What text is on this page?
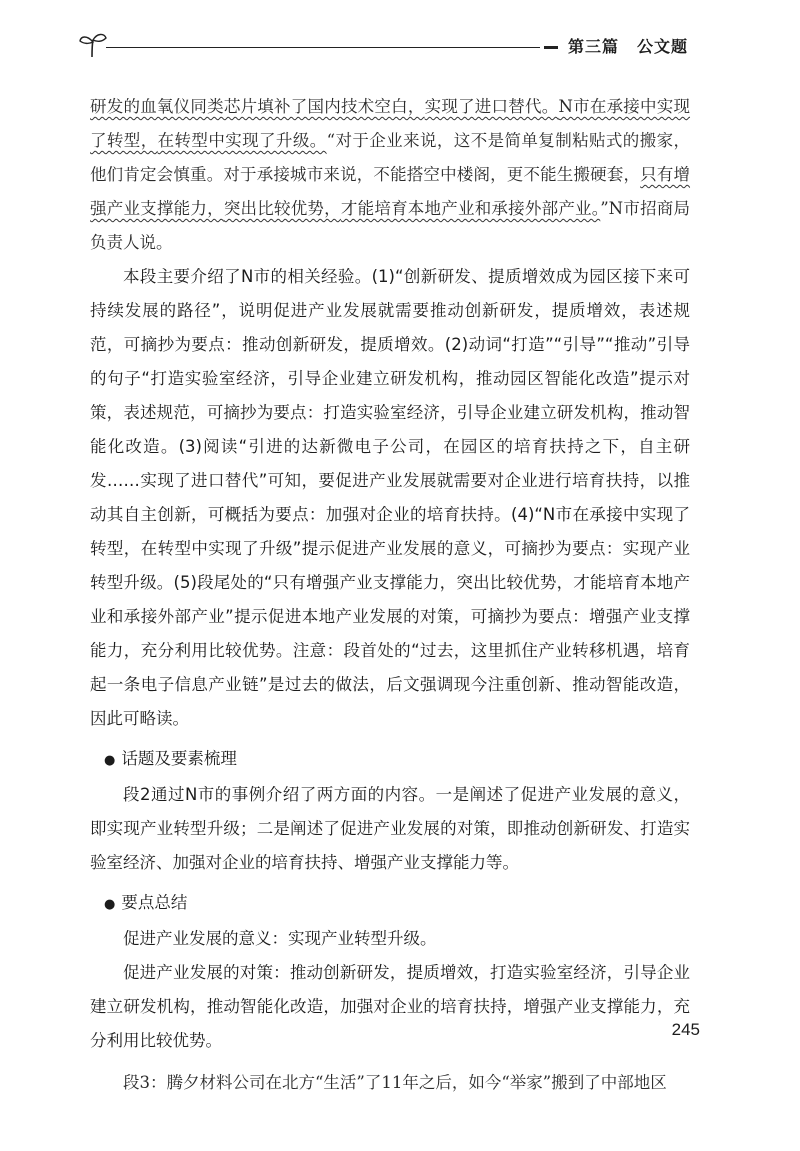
第三篇 公文题

研发的血氧仪同类芯片填补了国内技术空白，实现了进口替代。N市在承接中实现了转型，在转型中实现了升级。“对于企业来说，这不是简单复制粘贴式的搬家，他们肯定会慎重。对于承接城市来说，不能搭空中楼阁，更不能生搬硬套，只有增强产业支撑能力，突出比较优势，才能培育本地产业和承接外部产业。”N市招商局负责人说。

本段主要介绍了N市的相关经验。(1)“创新研发、提质增效成为园区接下来可持续发展的路径”，说明促进产业发展就需要推动创新研发，提质增效，表述规范，可摘抄为要点：推动创新研发，提质增效。(2)动词“打造”“引导”“推动”引导的句子“打造实验室经济，引导企业建立研发机构，推动园区智能化改造”提示对策，表述规范，可摘抄为要点：打造实验室经济，引导企业建立研发机构，推动智能化改造。(3)阅读“引进的达新微电子公司，在园区的培育扶持之下，自主研发……实现了进口替代”可知，要促进产业发展就需要对企业进行培育扶持，以推动其自主创新，可概括为要点：加强对企业的培育扶持。(4)“N市在承接中实现了转型，在转型中实现了升级”提示促进产业发展的意义，可摘抄为要点：实现产业转型升级。(5)段尾处的“只有增强产业支撑能力，突出比较优势，才能培育本地产业和承接外部产业”提示促进本地产业发展的对策，可摘抄为要点：增强产业支撑能力，充分利用比较优势。注意：段首处的“过去，这里抓住产业转移机遇，培育起一条电子信息产业链”是过去的做法，后文强调现今注重创新、推动智能改造，因此可略读。

● 话题及要素梳理

段2通过N市的事例介绍了两方面的内容。一是阐述了促进产业发展的意义，即实现产业转型升级；二是阐述了促进产业发展的对策，即推动创新研发、打造实验室经济、加强对企业的培育扶持、增强产业支撑能力等。

● 要点总结

促进产业发展的意义：实现产业转型升级。

促进产业发展的对策：推动创新研发，提质增效，打造实验室经济，引导企业建立研发机构，推动智能化改造，加强对企业的培育扶持，增强产业支撑能力，充分利用比较优势。

段3：腾夕材料公司在北方“生活”了11年之后，如今“举家”搬到了中部地区

245
